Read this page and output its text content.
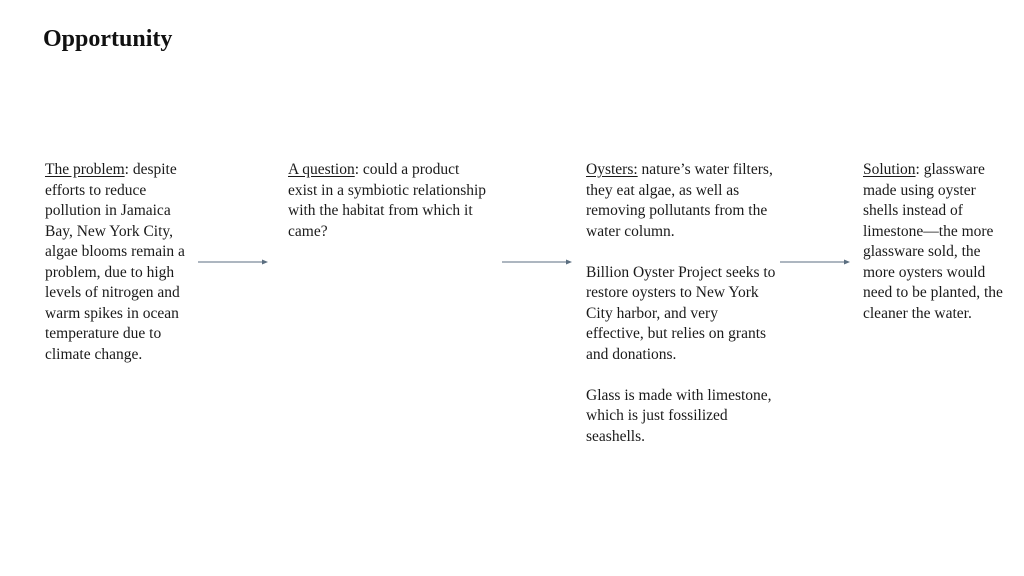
Opportunity

The problem: despite efforts to reduce pollution in Jamaica Bay, New York City, algae blooms remain a problem, due to high levels of nitrogen and warm spikes in ocean temperature due to climate change.

A question: could a product exist in a symbiotic relationship with the habitat from which it came?

Oysters: nature’s water filters, they eat algae, as well as removing pollutants from the water column.

Billion Oyster Project seeks to restore oysters to New York City harbor, and very effective, but relies on grants and donations.

Glass is made with limestone, which is just fossilized seashells.

Solution: glassware made using oyster shells instead of limestone—the more glassware sold, the more oysters would need to be planted, the cleaner the water.
